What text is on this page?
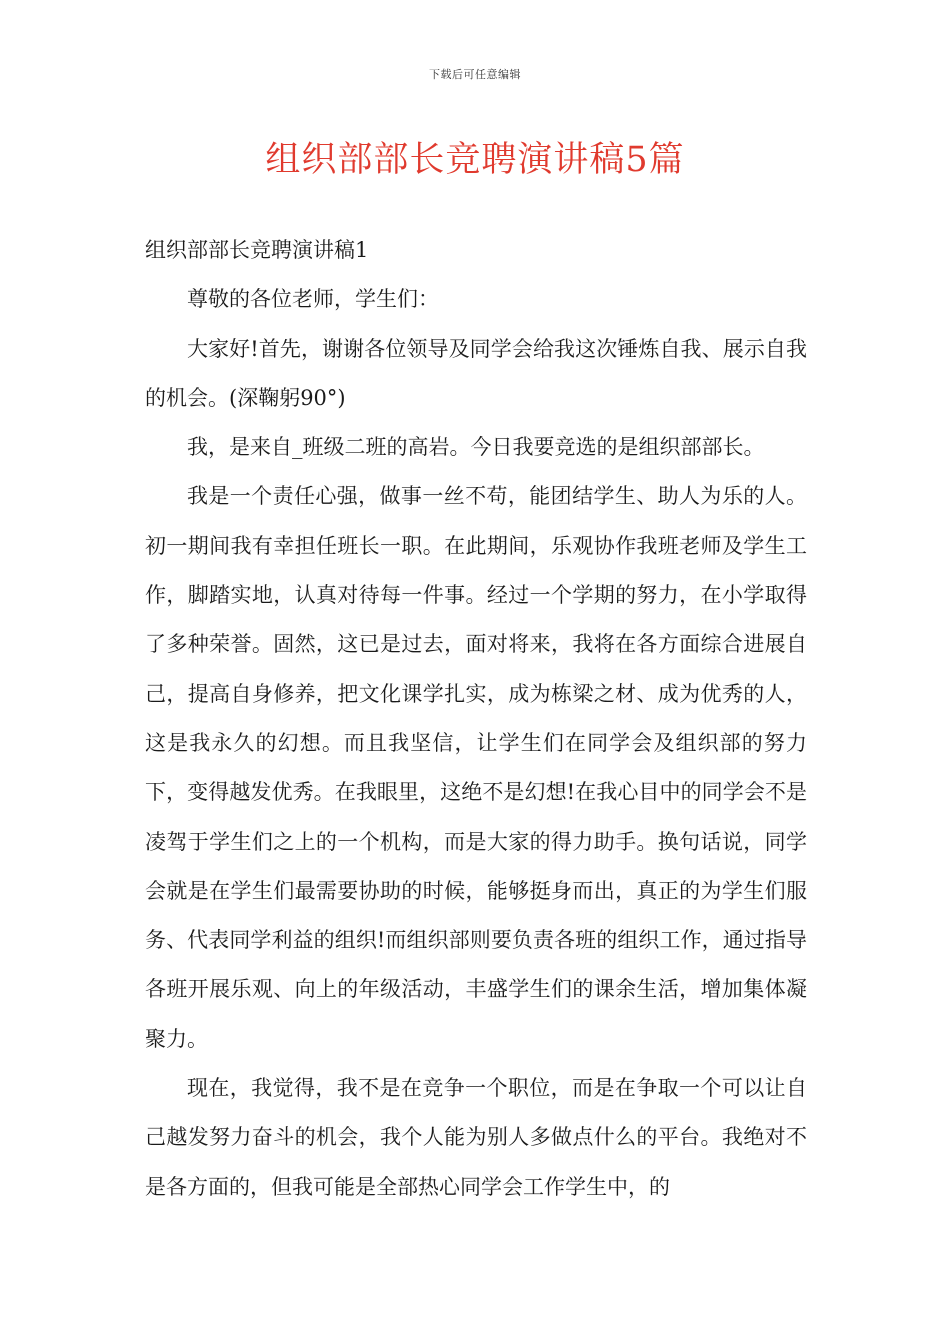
下载后可任意编辑
组织部部长竞聘演讲稿5篇

组织部部长竞聘演讲稿1

尊敬的各位老师，学生们：

大家好!首先，谢谢各位领导及同学会给我这次锤炼自我、展示自我的机会。(深鞠躬90°)

我，是来自_班级二班的高岩。今日我要竞选的是组织部部长。

我是一个责任心强，做事一丝不苟，能团结学生、助人为乐的人。初一期间我有幸担任班长一职。在此期间，乐观协作我班老师及学生工作，脚踏实地，认真对待每一件事。经过一个学期的努力，在小学取得了多种荣誉。固然，这已是过去，面对将来，我将在各方面综合进展自己，提高自身修养，把文化课学扎实，成为栋梁之材、成为优秀的人，这是我永久的幻想。而且我坚信，让学生们在同学会及组织部的努力下，变得越发优秀。在我眼里，这绝不是幻想!在我心目中的同学会不是凌驾于学生们之上的一个机构，而是大家的得力助手。换句话说，同学会就是在学生们最需要协助的时候，能够挺身而出，真正的为学生们服务、代表同学利益的组织!而组织部则要负责各班的组织工作，通过指导各班开展乐观、向上的年级活动，丰盛学生们的课余生活，增加集体凝聚力。

现在，我觉得，我不是在竞争一个职位，而是在争取一个可以让自己越发努力奋斗的机会，我个人能为别人多做点什么的平台。我绝对不是各方面的，但我可能是全部热心同学会工作学生中，的
